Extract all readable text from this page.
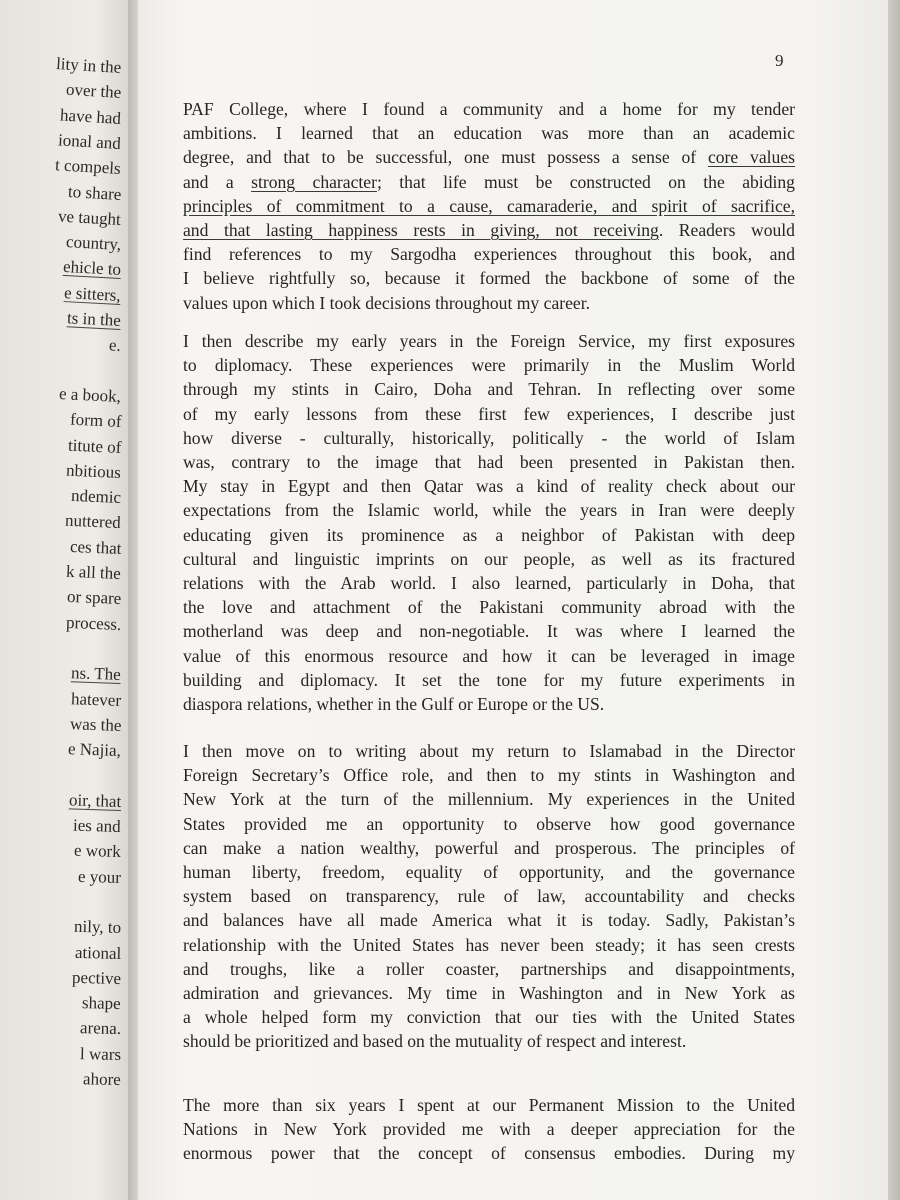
lity in the
over the
have had
ional and
t compels
to share
ve taught
country,
ehicle to
e sitters,
ts in the
e.
e a book,
form of
titute of
nbitious
ndemic
nuttered
ces that
k all the
or spare
process.
ns. The
hatever
was the
e Najia,
oir, that
ies and
e work
e your
nily, to
ational
pective
shape
arena.
l wars
ahore
9
PAF College, where I found a community and a home for my tender
ambitions. I learned that an education was more than an academic
degree, and that to be successful, one must possess a sense of core values
and a strong character; that life must be constructed on the abiding
principles of commitment to a cause, camaraderie, and spirit of sacrifice,
and that lasting happiness rests in giving, not receiving. Readers would
find references to my Sargodha experiences throughout this book, and
I believe rightfully so, because it formed the backbone of some of the
values upon which I took decisions throughout my career.
I then describe my early years in the Foreign Service, my first exposures
to diplomacy. These experiences were primarily in the Muslim World
through my stints in Cairo, Doha and Tehran. In reflecting over some
of my early lessons from these first few experiences, I describe just
how diverse - culturally, historically, politically - the world of Islam
was, contrary to the image that had been presented in Pakistan then.
My stay in Egypt and then Qatar was a kind of reality check about our
expectations from the Islamic world, while the years in Iran were deeply
educating given its prominence as a neighbor of Pakistan with deep
cultural and linguistic imprints on our people, as well as its fractured
relations with the Arab world. I also learned, particularly in Doha, that
the love and attachment of the Pakistani community abroad with the
motherland was deep and non-negotiable. It was where I learned the
value of this enormous resource and how it can be leveraged in image
building and diplomacy. It set the tone for my future experiments in
diaspora relations, whether in the Gulf or Europe or the US.
I then move on to writing about my return to Islamabad in the Director
Foreign Secretary’s Office role, and then to my stints in Washington and
New York at the turn of the millennium. My experiences in the United
States provided me an opportunity to observe how good governance
can make a nation wealthy, powerful and prosperous. The principles of
human liberty, freedom, equality of opportunity, and the governance
system based on transparency, rule of law, accountability and checks
and balances have all made America what it is today. Sadly, Pakistan’s
relationship with the United States has never been steady; it has seen crests
and troughs, like a roller coaster, partnerships and disappointments,
admiration and grievances. My time in Washington and in New York as
a whole helped form my conviction that our ties with the United States
should be prioritized and based on the mutuality of respect and interest.
The more than six years I spent at our Permanent Mission to the United
Nations in New York provided me with a deeper appreciation for the
enormous power that the concept of consensus embodies. During my
